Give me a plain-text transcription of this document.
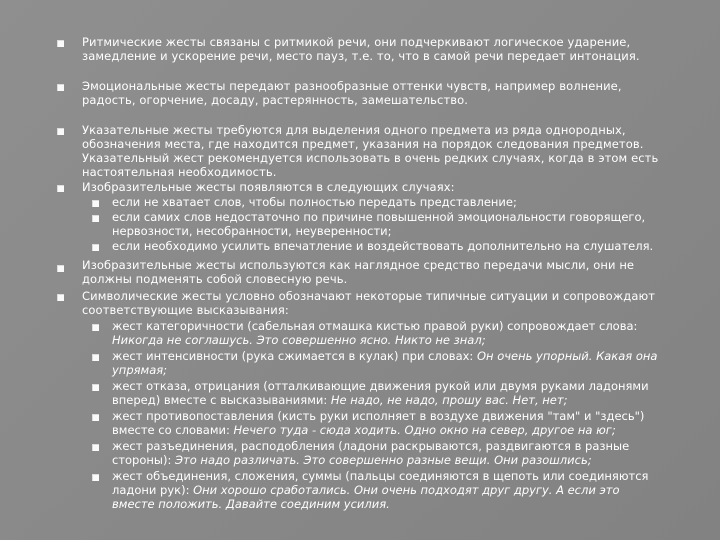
Ритмические жесты связаны с ритмикой речи, они подчеркивают логическое ударение,
замедление и ускорение речи, место пауз, т.е. то, что в самой речи передает интонация.
Эмоциональные жесты передают разнообразные оттенки чувств, например волнение,
радость, огорчение, досаду, растерянность, замешательство.
Указательные жесты требуются для выделения одного предмета из ряда однородных,
обозначения места, где находится предмет, указания на порядок следования предметов.
Указательный жест рекомендуется использовать в очень редких случаях, когда в этом есть
настоятельная необходимость.
Изобразительные жесты появляются в следующих случаях:
если не хватает слов, чтобы полностью передать представление;
если самих слов недостаточно по причине повышенной эмоциональности говорящего,
нервозности, несобранности, неуверенности;
если необходимо усилить впечатление и воздействовать дополнительно на слушателя.
Изобразительные жесты используются как наглядное средство передачи мысли, они не
должны подменять собой словесную речь.
Символические жесты условно обозначают некоторые типичные ситуации и сопровождают
соответствующие высказывания:
жест категоричности (сабельная отмашка кистью правой руки) сопровождает слова:
Никогда не соглашусь. Это совершенно ясно. Никто не знал;
жест интенсивности (рука сжимается в кулак) при словах: Он очень упорный. Какая она
упрямая;
жест отказа, отрицания (отталкивающие движения рукой или двумя руками ладонями
вперед) вместе с высказываниями: Не надо, не надо, прошу вас. Нет, нет;
жест противопоставления (кисть руки исполняет в воздухе движения "там" и "здесь")
вместе со словами: Нечего туда - сюда ходить. Одно окно на север, другое на юг;
жест разъединения, расподобления (ладони раскрываются, раздвигаются в разные
стороны): Это надо различать. Это совершенно разные вещи. Они разошлись;
жест объединения, сложения, суммы (пальцы соединяются в щепоть или соединяются
ладони рук): Они хорошо сработались. Они очень подходят друг другу. А если это
вместе положить. Давайте соединим усилия.
